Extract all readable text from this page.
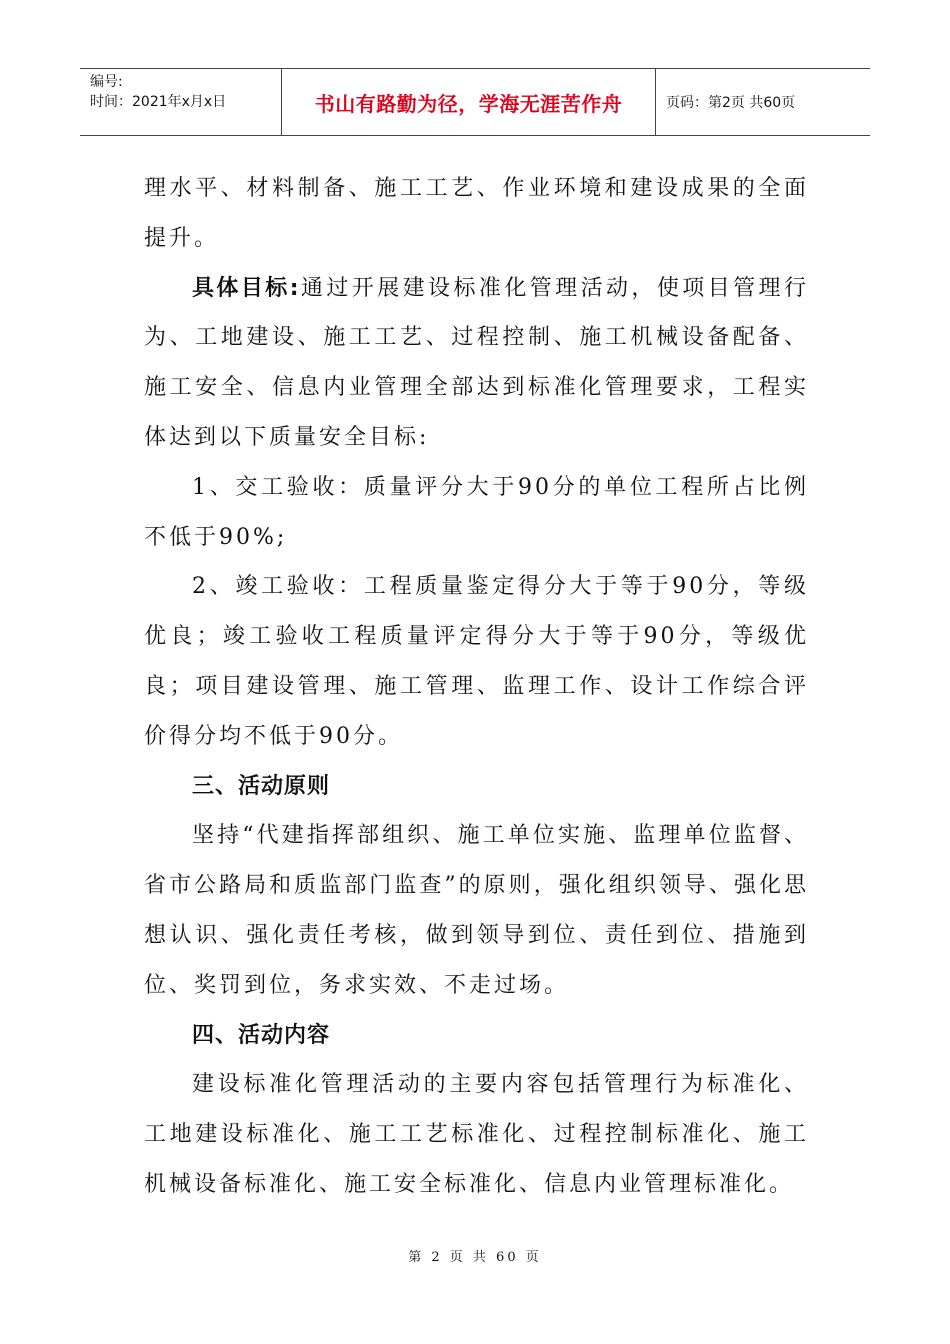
编号:
时间：2021年x月x日	书山有路勤为径，学海无涯苦作舟	页码：第2页 共60页

理水平、材料制备、施工工艺、作业环境和建设成果的全面提升。

具体目标:通过开展建设标准化管理活动，使项目管理行为、工地建设、施工工艺、过程控制、施工机械设备配备、施工安全、信息内业管理全部达到标准化管理要求，工程实体达到以下质量安全目标:

1、交工验收：质量评分大于90分的单位工程所占比例不低于90%;

2、竣工验收：工程质量鉴定得分大于等于90分，等级优良；竣工验收工程质量评定得分大于等于90分，等级优良；项目建设管理、施工管理、监理工作、设计工作综合评价得分均不低于90分。

三、活动原则

坚持“代建指挥部组织、施工单位实施、监理单位监督、省市公路局和质监部门监查”的原则，强化组织领导、强化思想认识、强化责任考核，做到领导到位、责任到位、措施到位、奖罚到位，务求实效、不走过场。

四、活动内容

建设标准化管理活动的主要内容包括管理行为标准化、工地建设标准化、施工工艺标准化、过程控制标准化、施工机械设备标准化、施工安全标准化、信息内业管理标准化。

第 2 页 共 60 页
